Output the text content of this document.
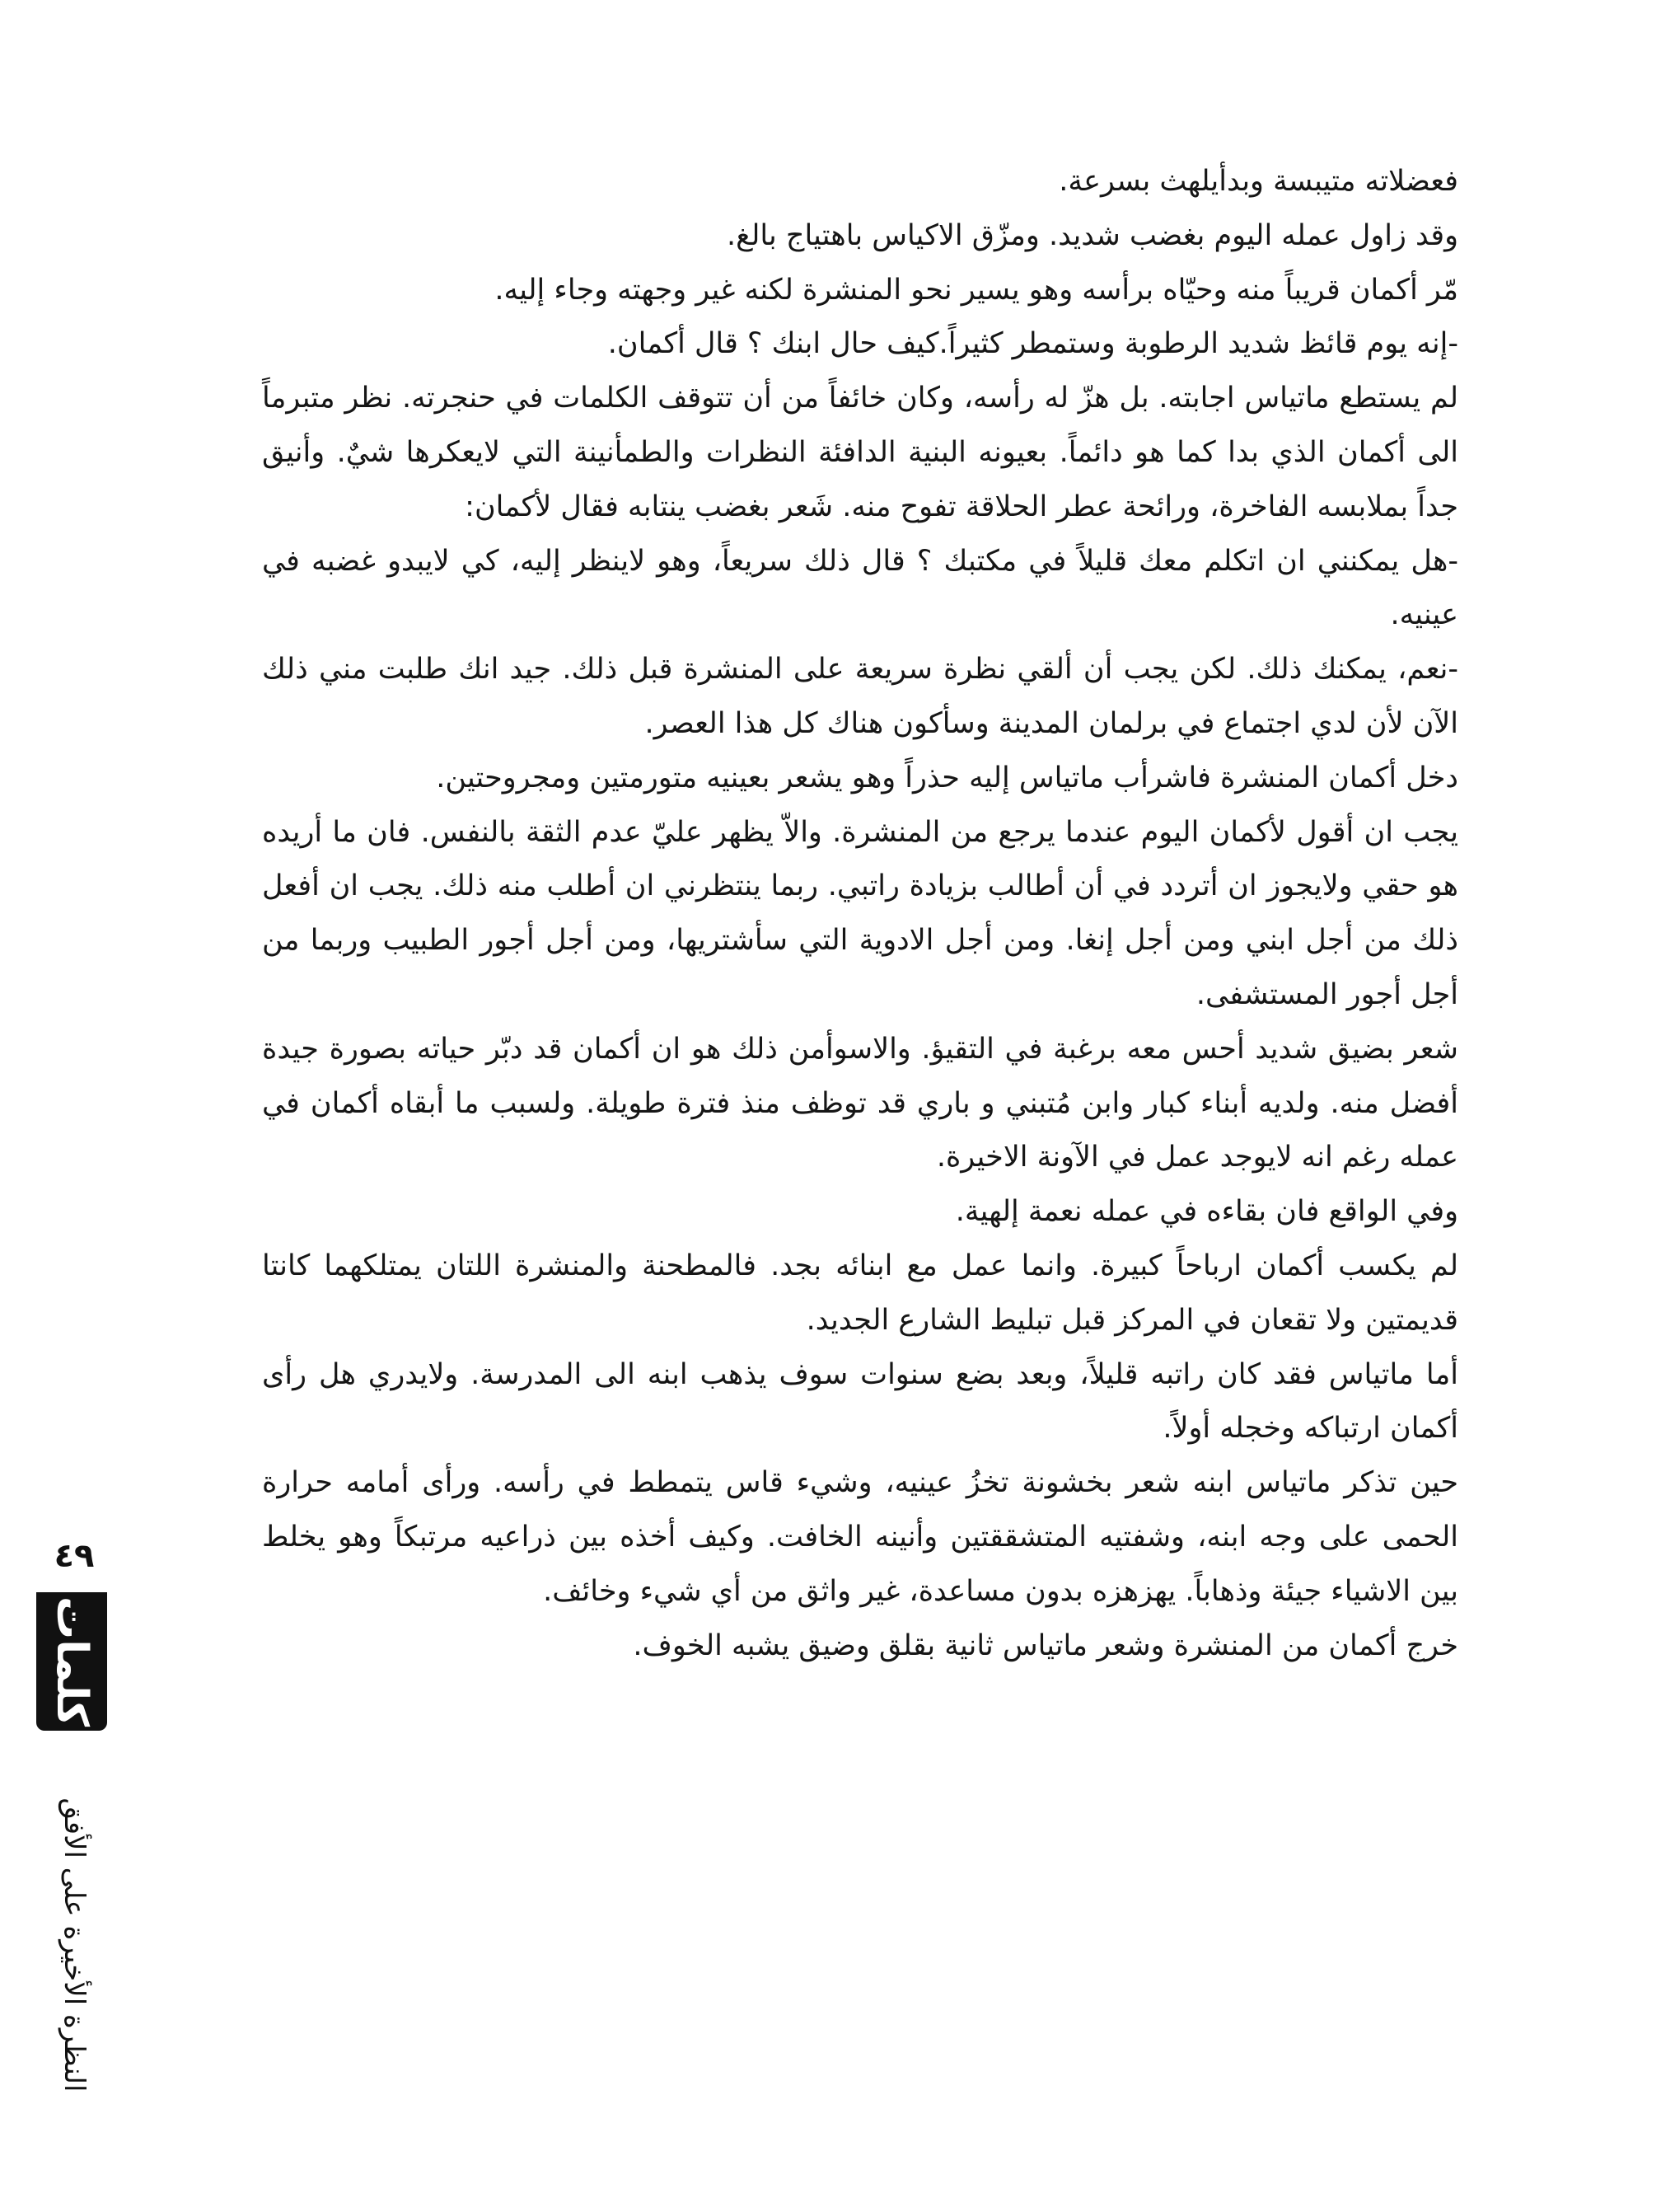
فعضلاته متيبسة وبدأيلهث بسرعة.

وقد زاول عمله اليوم بغضب شديد. ومزّق الاكياس باهتياج بالغ.

مّر أكمان قريباً منه وحيّاه برأسه وهو يسير نحو المنشرة لكنه غير وجهته وجاء إليه.

-إنه يوم قائظ شديد الرطوبة وستمطر كثيراً.كيف حال ابنك ؟ قال أكمان.

لم يستطع ماتياس اجابته. بل هزّ له رأسه، وكان خائفاً من أن تتوقف الكلمات في حنجرته. نظر متبرماً الى أكمان الذي بدا كما هو دائماً. بعيونه البنية الدافئة النظرات والطمأنينة التي لايعكرها شيٌ. وأنيق جداً بملابسه الفاخرة، ورائحة عطر الحلاقة تفوح منه. شَعر بغضب ينتابه فقال لأكمان:

-هل يمكنني ان اتكلم معك قليلاً في مكتبك ؟ قال ذلك سريعاً، وهو لاينظر إليه، كي لايبدو غضبه في عينيه.

-نعم، يمكنك ذلك. لكن يجب أن ألقي نظرة سريعة على المنشرة قبل ذلك. جيد انك طلبت مني ذلك الآن لأن لدي اجتماع في برلمان المدينة وسأكون هناك كل هذا العصر.

دخل أكمان المنشرة فاشرأب ماتياس إليه حذراً وهو يشعر بعينيه متورمتين ومجروحتين.

يجب ان أقول لأكمان اليوم عندما يرجع من المنشرة. والاّ يظهر عليّ عدم الثقة بالنفس. فان ما أريده هو حقي ولايجوز ان أتردد في أن أطالب بزيادة راتبي. ربما ينتظرني ان أطلب منه ذلك. يجب ان أفعل ذلك من أجل ابني ومن أجل إنغا. ومن أجل الادوية التي سأشتريها، ومن أجل أجور الطبيب وربما من أجل أجور المستشفى.

شعر بضيق شديد أحس معه برغبة في التقيؤ. والاسوأمن ذلك هو ان أكمان قد دبّر حياته بصورة جيدة أفضل منه. ولديه أبناء كبار وابن مُتبني و باري قد توظف منذ فترة طويلة. ولسبب ما أبقاه أكمان في عمله رغم انه لايوجد عمل في الآونة الاخيرة.

وفي الواقع فان بقاءه في عمله نعمة إلهية.

لم يكسب أكمان ارباحاً كبيرة. وانما عمل مع ابنائه بجد. فالمطحنة والمنشرة اللتان يمتلكهما كانتا قديمتين ولا تقعان في المركز قبل تبليط الشارع الجديد.

أما ماتياس فقد كان راتبه قليلاً، وبعد بضع سنوات سوف يذهب ابنه الى المدرسة. ولايدري هل رأى أكمان ارتباكه وخجله أولاً.

حين تذكر ماتياس ابنه شعر بخشونة تخزُ عينيه، وشيء قاس يتمطط في رأسه. ورأى أمامه حرارة الحمى على وجه ابنه، وشفتيه المتشققتين وأنينه الخافت. وكيف أخذه بين ذراعيه مرتبكاً وهو يخلط بين الاشياء جيئة وذهاباً. يهزهزه بدون مساعدة، غير واثق من أي شيء وخائف.

خرج أكمان من المنشرة وشعر ماتياس ثانية بقلق وضيق يشبه الخوف.

٤٩
كلمات
النظرة الأخيرة على الأفق
